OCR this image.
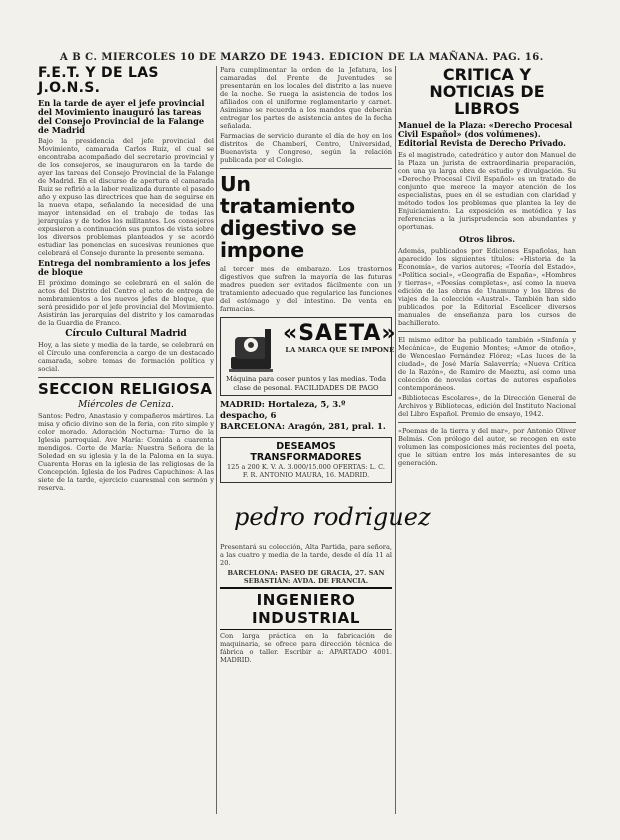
A B C. MIERCOLES 10 DE MARZO DE 1943. EDICION DE LA MAÑANA. PAG. 16.
F.E.T. Y DE LAS J.O.N.S.

En la tarde de ayer el jefe provincial del Movimiento inauguró las tareas del Consejo Provincial de la Falange de Madrid

Bajo la presidencia del jefe provincial del Movimiento, camarada Carlos Ruiz, el cual se encontraba acompañado del secretario provincial y de los consejeros, se inauguraron en la tarde de ayer las tareas del Consejo Provincial de la Falange de Madrid. En el discurso de apertura el camarada Ruiz se refirió a la labor realizada durante el pasado año y expuso las directrices que han de seguirse en la nueva etapa, señalando la necesidad de una mayor intensidad en el trabajo de todas las jerarquías y de todos los militantes. Los consejeros expusieron a continuación sus puntos de vista sobre los diversos problemas planteados y se acordó estudiar las ponencias en sucesivas reuniones que celebrará el Consejo durante la presente semana.

Entrega del nombramiento a los jefes de bloque

El próximo domingo se celebrará en el salón de actos del Distrito del Centro el acto de entrega de nombramientos a los nuevos jefes de bloque, que será presidido por el jefe provincial del Movimiento. Asistirán las jerarquías del distrito y los camaradas de la Guardia de Franco.

Círculo Cultural Madrid

Hoy, a las siete y media de la tarde, se celebrará en el Círculo una conferencia a cargo de un destacado camarada, sobre temas de formación política y social.

SECCION RELIGIOSA
Miércoles de Ceniza.

Santos: Pedro, Anastasio y compañeros mártires. La misa y oficio divino son de la feria, con rito simple y color morado. Adoración Nocturna: Turno de la Iglesia parroquial. Ave María: Comida a cuarenta mendigos. Corte de María: Nuestra Señora de la Soledad en su iglesia y la de la Paloma en la suya. Cuarenta Horas en la iglesia de las religiosas de la Concepción. Iglesia de los Padres Capuchinos: A las siete de la tarde, ejercicio cuaresmal con sermón y reserva.

Para cumplimentar la orden de la Jefatura, los camaradas del Frente de Juventudes se presentarán en los locales del distrito a las nueve de la noche. Se ruega la asistencia de todos los afiliados con el uniforme reglamentario y carnet. Asimismo se recuerda a los mandos que deberán entregar los partes de asistencia antes de la fecha señalada.

Farmacias de servicio durante el día de hoy en los distritos de Chamberí, Centro, Universidad, Buenavista y Congreso, según la relación publicada por el Colegio.

Un tratamiento digestivo se impone

al tercer mes de embarazo. Los trastornos digestivos que sufren la mayoría de las futuras madres pueden ser evitados fácilmente con un tratamiento adecuado que regularice las funciones del estómago y del intestino. De venta en farmacias.

«SAETA»
LA MARCA QUE SE IMPONE
Máquina para coser puntos y las medias. Toda clase de pesonal. FACILIDADES DE PAGO
MADRID: Hortaleza, 5, 3.º despacho, 6
BARCELONA: Aragón, 281, pral. 1.
DESEAMOS TRANSFORMADORES
125 a 200 K. V. A. 3.000/15.000 OFERTAS: L. C. F. R. ANTONIO MAURA, 16. MADRID.
pedro rodriguez

Presentará su colección, Alta Partida, para señora, a las cuatro y media de la tarde, desde el día 11 al 20.

BARCELONA: PASEO DE GRACIA, 27. SAN SEBASTIÁN: AVDA. DE FRANCIA.

INGENIERO INDUSTRIAL

Con larga práctica en la fabricación de maquinaria, se ofrece para dirección técnica de fábrica o taller. Escribir a: APARTADO 4001. MADRID.

CRITICA Y NOTICIAS DE LIBROS

Manuel de la Plaza: «Derecho Procesal Civil Español» (dos volúmenes). Editorial Revista de Derecho Privado.

Es el magistrado, catedrático y autor don Manuel de la Plaza un jurista de extraordinaria preparación, con una ya larga obra de estudio y divulgación. Su «Derecho Procesal Civil Español» es un tratado de conjunto que merece la mayor atención de los especialistas, pues en él se estudian con claridad y método todos los problemas que plantea la ley de Enjuiciamiento. La exposición es metódica y las referencias a la jurisprudencia son abundantes y oportunas.

Otros libros.

Además, publicados por Ediciones Españolas, han aparecido los siguientes títulos: «Historia de la Economía», de varios autores; «Teoría del Estado», «Política social», «Geografía de España», «Hombres y tierras», «Poesías completas», así como la nueva edición de las obras de Unamuno y los libros de viajes de la colección «Austral». También han sido publicados por la Editorial Escelicer diversos manuales de enseñanza para los cursos de bachillerato.

El mismo editor ha publicado también «Sinfonía y Mecánica», de Eugenio Montes; «Amor de otoño», de Wenceslao Fernández Flórez; «Las luces de la ciudad», de José María Salaverría; «Nueva Crítica de la Razón», de Ramiro de Maeztu, así como una colección de novelas cortas de autores españoles contemporáneos.

«Bibliotecas Escolares», de la Dirección General de Archivos y Bibliotecas, edición del Instituto Nacional del Libro Español. Premio de ensayo, 1942.

«Poemas de la tierra y del mar», por Antonio Oliver Belmás. Con prólogo del autor, se recogen en este volumen las composiciones más recientes del poeta, que le sitúan entre los más interesantes de su generación.
